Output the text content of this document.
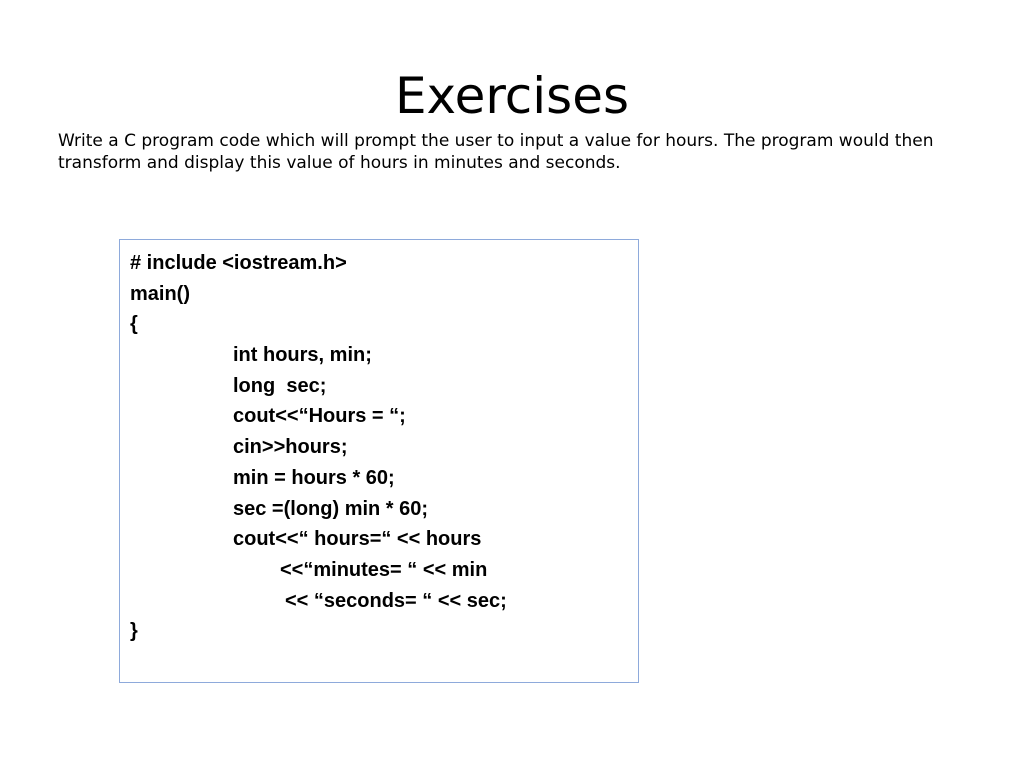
Exercises

Write a C program code which will prompt the user to input a value for hours. The program would then transform and display this value of hours in minutes and seconds.

# include <iostream.h>
main()
{
int hours, min;
long  sec;
cout<<“Hours = “;
cin>>hours;
min = hours * 60;
sec =(long) min * 60;
cout<<“ hours=“ << hours
<<“minutes= “ << min
<< “seconds= “ << sec;
}
